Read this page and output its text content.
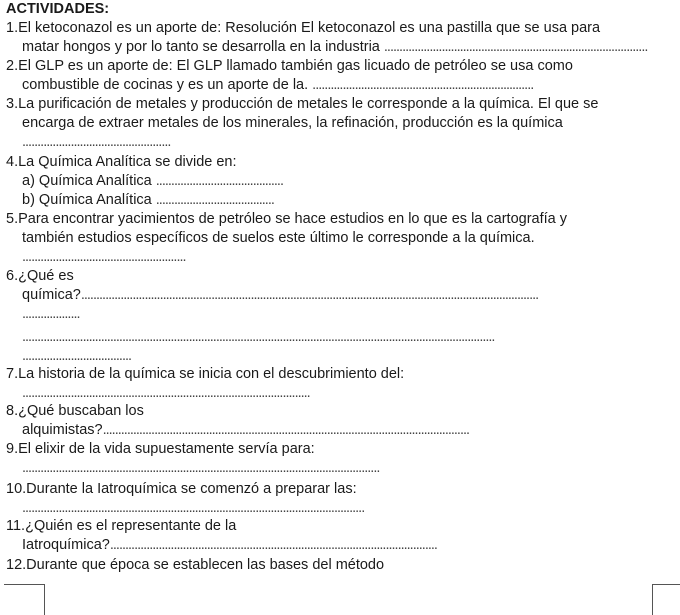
ACTIVIDADES:
1.El ketoconazol es un aporte de: Resolución El ketoconazol es una pastilla que se usa para
matar hongos y por lo tanto se desarrolla en la industria .......................................................................................
2.El GLP es un aporte de: El GLP llamado también gas licuado de petróleo se usa como
combustible de cocinas y es un aporte de la. .........................................................................
3.La purificación de metales y producción de metales le corresponde a la química. El que se
encarga de extraer metales de los minerales, la refinación, producción es la química
.................................................
4.La Química Analítica se divide en:
a) Química Analítica ..........................................
b) Química Analítica .......................................
5.Para encontrar yacimientos de petróleo se hace estudios en lo que es la cartografía y
también estudios específicos de suelos este último le corresponde a la química.
......................................................
6.¿Qué es
química?.......................................................................................................................................................
...................
............................................................................................................................................................
....................................
7.La historia de la química se inicia con el descubrimiento del:
...............................................................................................
8.¿Qué buscaban los
alquimistas?.........................................................................................................................
9.El elixir de la vida supuestamente servía para:
......................................................................................................................
10.Durante la Iatroquímica se comenzó a preparar las:
.................................................................................................................
11.¿Quién es el representante de la
Iatroquímica?............................................................................................................
12.Durante que época se establecen las bases del método
